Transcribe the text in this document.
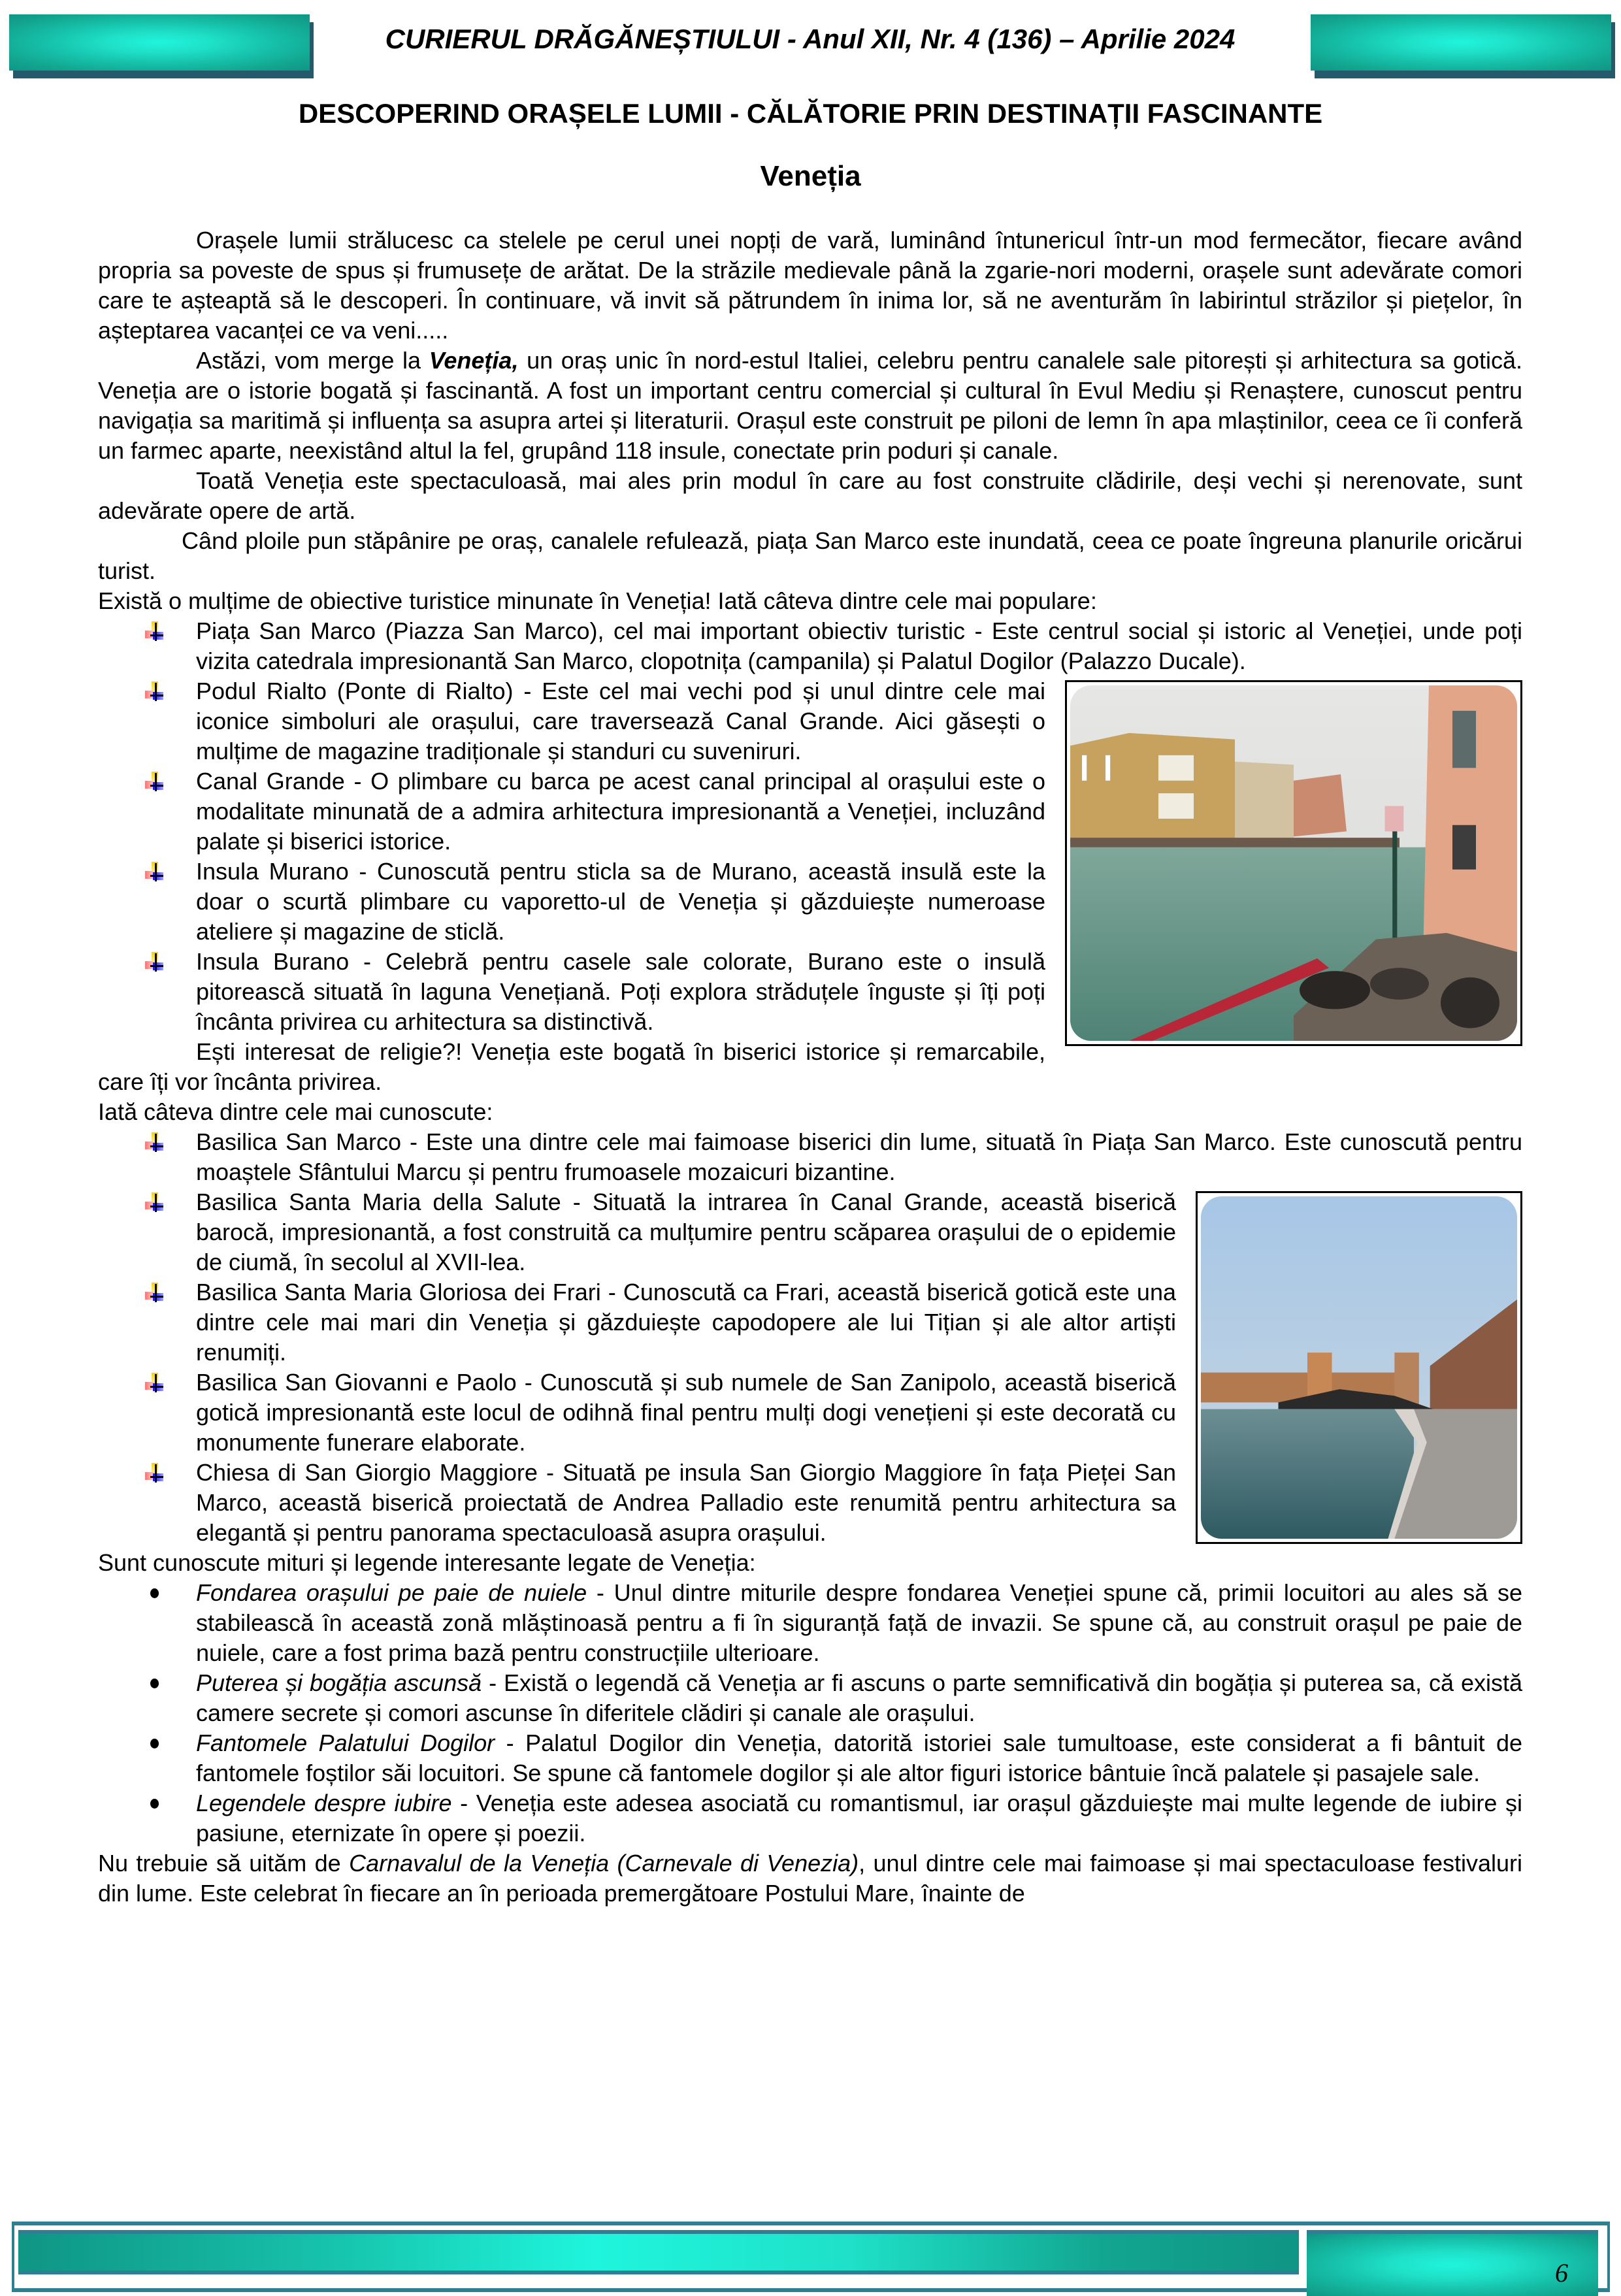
CURIERUL DRĂGĂNEȘTIULUI - Anul XII, Nr. 4 (136) – Aprilie 2024
DESCOPERIND ORAȘELE LUMII - CĂLĂTORIE PRIN DESTINAȚII FASCINANTE
Veneția

Orașele lumii strălucesc ca stelele pe cerul unei nopți de vară, luminând întunericul într-un mod fermecător, fiecare având propria sa poveste de spus și frumusețe de arătat. De la străzile medievale până la zgarie-nori moderni, orașele sunt adevărate comori care te așteaptă să le descoperi. În continuare, vă invit să pătrundem în inima lor, să ne aventurăm în labirintul străzilor și piețelor, în așteptarea vacanței ce va veni.....

Astăzi, vom merge la Veneția, un oraș unic în nord-estul Italiei, celebru pentru canalele sale pitorești și arhitectura sa gotică. Veneția are o istorie bogată și fascinantă. A fost un important centru comercial și cultural în Evul Mediu și Renaștere, cunoscut pentru navigația sa maritimă și influența sa asupra artei și literaturii. Orașul este construit pe piloni de lemn în apa mlaștinilor, ceea ce îi conferă un farmec aparte, neexistând altul la fel, grupând 118 insule, conectate prin poduri și canale.

Toată Veneția este spectaculoasă, mai ales prin modul în care au fost construite clădirile, deși vechi și nerenovate, sunt adevărate opere de artă.

Când ploile pun stăpânire pe oraș, canalele refulează, piața San Marco este inundată, ceea ce poate îngreuna planurile oricărui turist.

Există o mulțime de obiective turistice minunate în Veneția! Iată câteva dintre cele mai populare:

Piața San Marco (Piazza San Marco), cel mai important obiectiv turistic - Este centrul social și istoric al Veneției, unde poți vizita catedrala impresionantă San Marco, clopotnița (campanila) și Palatul Dogilor (Palazzo Ducale).
Podul Rialto (Ponte di Rialto) - Este cel mai vechi pod și unul dintre cele mai iconice simboluri ale orașului, care traversează Canal Grande. Aici găsești o mulțime de magazine tradiționale și standuri cu suveniruri.
Canal Grande - O plimbare cu barca pe acest canal principal al orașului este o modalitate minunată de a admira arhitectura impresionantă a Veneției, incluzând palate și biserici istorice.
Insula Murano - Cunoscută pentru sticla sa de Murano, această insulă este la doar o scurtă plimbare cu vaporetto-ul de Veneția și găzduiește numeroase ateliere și magazine de sticlă.
Insula Burano - Celebră pentru casele sale colorate, Burano este o insulă pitorească situată în laguna Venețiană. Poți explora străduțele înguste și îți poți încânta privirea cu arhitectura sa distinctivă.

Ești interesat de religie?! Veneția este bogată în biserici istorice și remarcabile, care îți vor încânta privirea.

Iată câteva dintre cele mai cunoscute:

Basilica San Marco - Este una dintre cele mai faimoase biserici din lume, situată în Piața San Marco. Este cunoscută pentru moaștele Sfântului Marcu și pentru frumoasele mozaicuri bizantine.
Basilica Santa Maria della Salute - Situată la intrarea în Canal Grande, această biserică barocă, impresionantă, a fost construită ca mulțumire pentru scăparea orașului de o epidemie de ciumă, în secolul al XVII-lea.
Basilica Santa Maria Gloriosa dei Frari - Cunoscută ca Frari, această biserică gotică este una dintre cele mai mari din Veneția și găzduiește capodopere ale lui Tițian și ale altor artiști renumiți.
Basilica San Giovanni e Paolo - Cunoscută și sub numele de San Zanipolo, această biserică gotică impresionantă este locul de odihnă final pentru mulți dogi venețieni și este decorată cu monumente funerare elaborate.
Chiesa di San Giorgio Maggiore - Situată pe insula San Giorgio Maggiore în fața Pieței San Marco, această biserică proiectată de Andrea Palladio este renumită pentru arhitectura sa elegantă și pentru panorama spectaculoasă asupra orașului.

Sunt cunoscute mituri și legende interesante legate de Veneția:

Fondarea orașului pe paie de nuiele - Unul dintre miturile despre fondarea Veneției spune că, primii locuitori au ales să se stabilească în această zonă mlăștinoasă pentru a fi în siguranță față de invazii. Se spune că, au construit orașul pe paie de nuiele, care a fost prima bază pentru construcțiile ulterioare.
Puterea și bogăția ascunsă - Există o legendă că Veneția ar fi ascuns o parte semnificativă din bogăția și puterea sa, că există camere secrete și comori ascunse în diferitele clădiri și canale ale orașului.
Fantomele Palatului Dogilor - Palatul Dogilor din Veneția, datorită istoriei sale tumultoase, este considerat a fi bântuit de fantomele foștilor săi locuitori. Se spune că fantomele dogilor și ale altor figuri istorice bântuie încă palatele și pasajele sale.
Legendele despre iubire - Veneția este adesea asociată cu romantismul, iar orașul găzduiește mai multe legende de iubire și pasiune, eternizate în opere și poezii.

Nu trebuie să uităm de Carnavalul de la Veneția (Carnevale di Venezia), unul dintre cele mai faimoase și mai spectaculoase festivaluri din lume. Este celebrat în fiecare an în perioada premergătoare Postului Mare, înainte de

6
